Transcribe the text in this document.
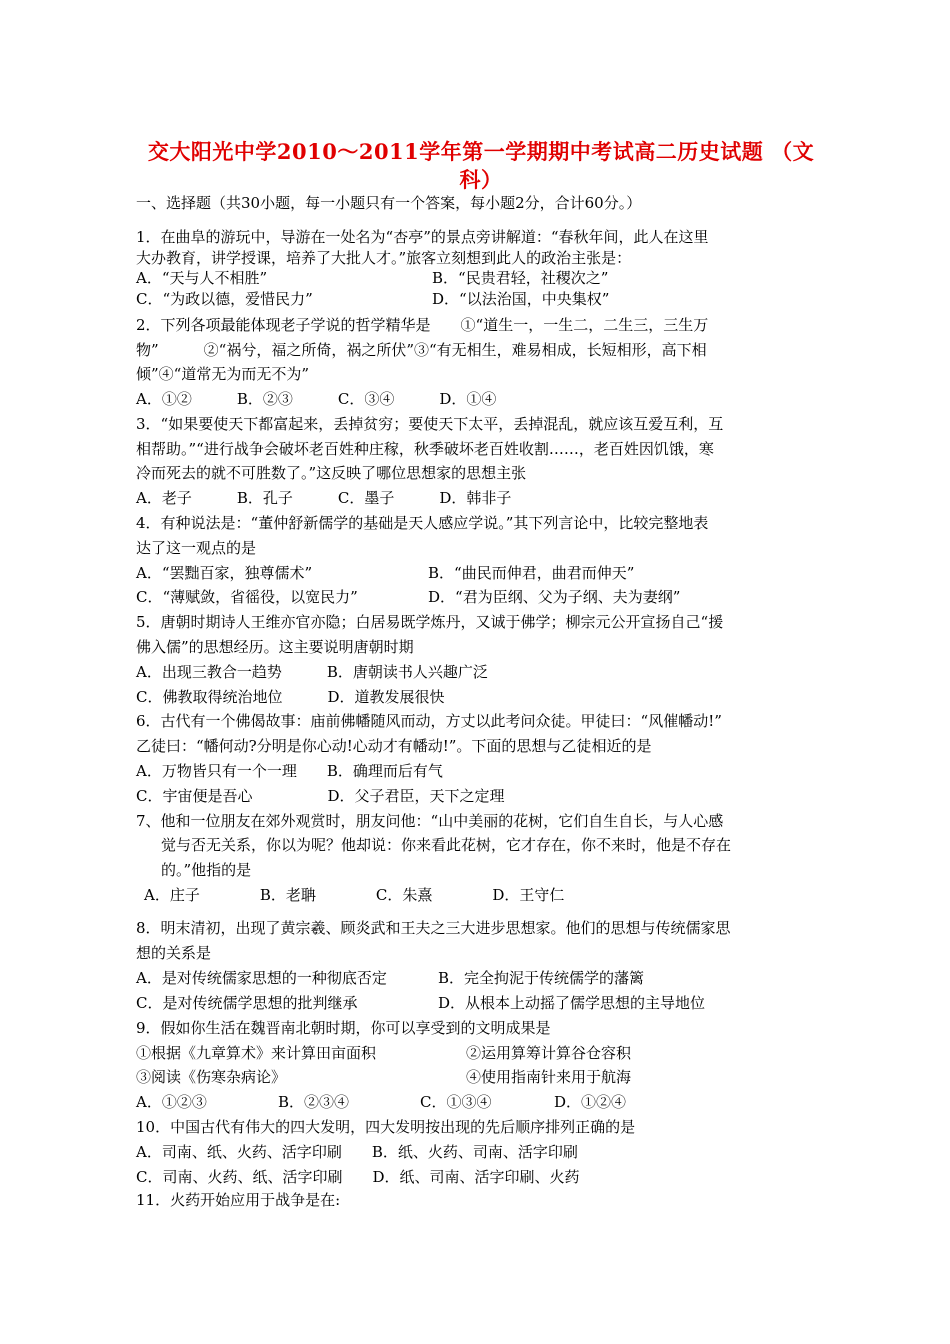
交大阳光中学2010～2011学年第一学期期中考试高二历史试题 （文
科）
一、选择题（共30小题，每一小题只有一个答案，每小题2分，合计60分。）
1．在曲阜的游玩中，导游在一处名为“杏亭”的景点旁讲解道：“春秋年间，此人在这里
大办教育，讲学授课，培养了大批人才。”旅客立刻想到此人的政治主张是：
A．“天与人不相胜”	B．“民贵君轻，社稷次之”
C．“为政以德，爱惜民力”	D．“以法治国，中央集权”
2．下列各项最能体现老子学说的哲学精华是　　①“道生一，一生二，二生三，三生万
物”　　　②“祸兮，福之所倚，祸之所伏”③“有无相生，难易相成，长短相形，高下相
倾”④“道常无为而无不为”
A．①②　　　B．②③　　　C．③④　　　D．①④
3．“如果要使天下都富起来，丢掉贫穷；要使天下太平，丢掉混乱，就应该互爱互利，互
相帮助。”“进行战争会破坏老百姓种庄稼，秋季破坏老百姓收割……，老百姓因饥饿，寒
冷而死去的就不可胜数了。”这反映了哪位思想家的思想主张
A．老子　　　B．孔子　　　C．墨子　　　D．韩非子
4．有种说法是：“董仲舒新儒学的基础是天人感应学说。”其下列言论中，比较完整地表
达了这一观点的是
A．“罢黜百家，独尊儒术”	B．“曲民而伸君，曲君而伸天”
C．“薄赋敛，省徭役，以宽民力”	D．“君为臣纲、父为子纲、夫为妻纲”
5．唐朝时期诗人王维亦官亦隐；白居易既学炼丹，又诚于佛学；柳宗元公开宣扬自己“援
佛入儒”的思想经历。这主要说明唐朝时期
A．出现三教合一趋势　　　B．唐朝读书人兴趣广泛
C．佛教取得统治地位　　　D．道教发展很快
6．古代有一个佛偈故事：庙前佛幡随风而动，方丈以此考问众徒。甲徒曰：“风催幡动!”
乙徒曰：“幡何动?分明是你心动!心动才有幡动!”。下面的思想与乙徒相近的是
A．万物皆只有一个一理　　B．确理而后有气
C．宇宙便是吾心　　　　　D．父子君臣，天下之定理
7、他和一位朋友在郊外观赏时，朋友问他：“山中美丽的花树，它们自生自长，与人心感
觉与否无关系，你以为呢？他却说：你来看此花树，它才存在，你不来时，他是不存在
的。”他指的是
A．庄子　　　　B．老聃　　　　C．朱熹　　　　D．王守仁
8．明末清初，出现了黄宗羲、顾炎武和王夫之三大进步思想家。他们的思想与传统儒家思
想的关系是
A．是对传统儒家思想的一种彻底否定	B．完全拘泥于传统儒学的藩篱
C．是对传统儒学思想的批判继承	D．从根本上动摇了儒学思想的主导地位
9．假如你生活在魏晋南北朝时期，你可以享受到的文明成果是
①根据《九章算术》来计算田亩面积	②运用算筹计算谷仓容积
③阅读《伤寒杂病论》	④使用指南针来用于航海
A．①②③	B．②③④	C．①③④	D．①②④
10．中国古代有伟大的四大发明，四大发明按出现的先后顺序排列正确的是
A．司南、纸、火药、活字印刷　　B．纸、火药、司南、活字印刷
C．司南、火药、纸、活字印刷　　D．纸、司南、活字印刷、火药
11．火药开始应用于战争是在:
